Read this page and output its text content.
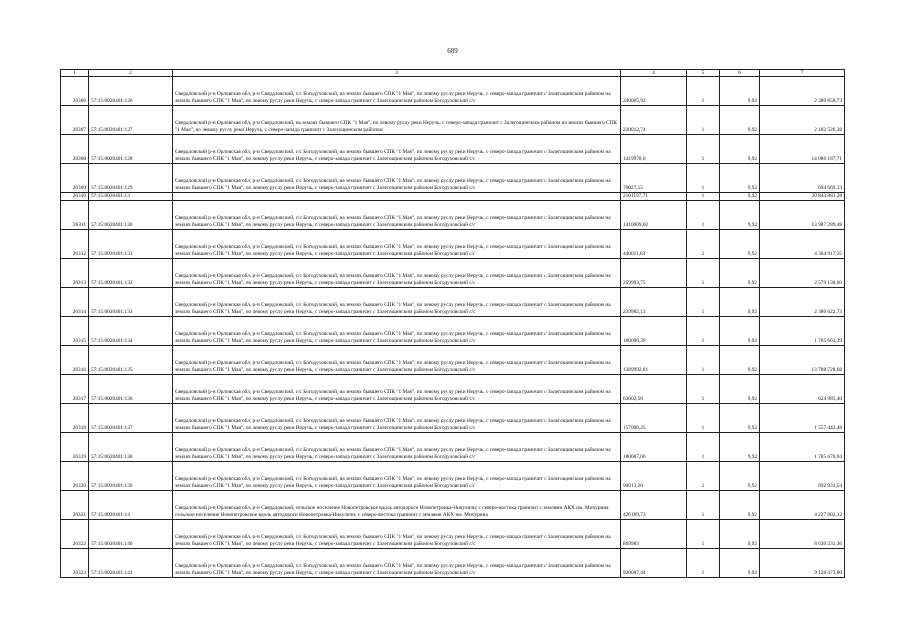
689
1	2	3	4	5	6	7
26306	57:15:0020401:126	Свердловский р-н Орловская обл, р-н Свердловский, с/с Богодуховский, на землях бывшего СПК "1 Мая", по левому руслу реки Неручь, с северо-запада граничит с Залегощинским районом на землях бывшего СПК "1 Мая", по левому руслу реки Неручь, с северо-запада граничит с Залегощинским районом Богодуховский с/с	240005,92	1	9,92	2 380 858,73
26307	57:15:0020401:127	Свердловский р-н Орловская обл, р-н Свердловский, на землях бывшего СПК "1 Мая", по левому руслу реки Неручь, с северо-запада граничит с Залегощинским районом на землях бывшего СПК "1 Мая", по левому руслу реки Неручь, с северо-запада граничит с Залегощинским районом	220012,74	1	9,92	2 182 526,38
26308	57:15:0020401:128	Свердловский р-н Орловская обл, р-н Свердловский, с/с Богодуховский, на землях бывшего СПК "1 Мая", по левому руслу реки Неручь, с северо-запада граничит с Залегощинским районом на землях бывшего СПК "1 Мая", по левому руслу реки Неручь, с северо-запада граничит с Залегощинским районом Богодуховский с/с	1419978,6	1	9,92	14 086 187,71
26309	57:15:0020401:129	Свердловский р-н Орловская обл, р-н Свердловский, с/с Богодуховский, на землях бывшего СПК "1 Мая", по левому руслу реки Неручь, с северо-запада граничит с Залегощинским районом на землях бывшего СПК "1 Мая", по левому руслу реки Неручь, с северо-запада граничит с Залегощинским районом Богодуховский с/с	70027,15	1	9,92	694 669,33
26310	57:15:0020401:13		2101197,71	1	9,92	20 843 881,28
26311	57:15:0020401:130	Свердловский р-н Орловская обл, р-н Свердловский, с/с Богодуховский, на землях бывшего СПК "1 Мая", по левому руслу реки Неручь, с северо-запада граничит с Залегощинским районом на землях бывшего СПК "1 Мая", по левому руслу реки Неручь, с северо-запада граничит с Залегощинским районом Богодуховский с/с	1410009,02	1	9,92	13 987 289,48
26312	57:15:0020401:131	Свердловский р-н Орловская обл, р-н Свердловский, с/с Богодуховский, на землях бывшего СПК "1 Мая", по левому руслу реки Неручь, с северо-запада граничит с Залегощинским районом на землях бывшего СПК "1 Мая", по левому руслу реки Неручь, с северо-запада граничит с Залегощинским районом Богодуховский с/с	440011,83	1	9,92	4 364 917,35
26313	57:15:0020401:132	Свердловский р-н Орловская обл, р-н Свердловский, с/с Богодуховский, на землях бывшего СПК "1 Мая", по левому руслу реки Неручь, с северо-запада граничит с Залегощинским районом на землях бывшего СПК "1 Мая", по левому руслу реки Неручь, с северо-запада граничит с Залегощинским районом Богодуховский с/с	259993,75	1	9,92	2 579 138,00
26314	57:15:0020401:133	Свердловский р-н Орловская обл, р-н Свердловский, с/с Богодуховский, на землях бывшего СПК "1 Мая", по левому руслу реки Неручь, с северо-запада граничит с Залегощинским районом на землях бывшего СПК "1 Мая", по левому руслу реки Неручь, с северо-запада граничит с Залегощинским районом Богодуховский с/с	239982,13	1	9,92	2 380 622,73
26315	57:15:0020401:134	Свердловский р-н Орловская обл, р-н Свердловский, с/с Богодуховский, на землях бывшего СПК "1 Мая", по левому руслу реки Неручь, с северо-запада граничит с Залегощинским районом на землях бывшего СПК "1 Мая", по левому руслу реки Неручь, с северо-запада граничит с Залегощинским районом Богодуховский с/с	180006,39	1	9,92	1 785 663,39
26316	57:15:0020401:135	Свердловский р-н Орловская обл, р-н Свердловский, с/с Богодуховский, на землях бывшего СПК "1 Мая", по левому руслу реки Неручь, с северо-запада граничит с Залегощинским районом на землях бывшего СПК "1 Мая", по левому руслу реки Неручь, с северо-запада граничит с Залегощинским районом Богодуховский с/с	1389992,81	1	9,92	13 788 728,68
26317	57:15:0020401:136	Свердловский р-н Орловская обл, р-н Свердловский, с/с Богодуховский, на землях бывшего СПК "1 Мая", по левому руслу реки Неручь, с северо-запада граничит с Залегощинским районом на землях бывшего СПК "1 Мая", по левому руслу реки Неручь, с северо-запада граничит с Залегощинским районом Богодуховский с/с	63002,56	1	9,92	624 985,40
26318	57:15:0020401:137	Свердловский р-н Орловская обл, р-н Свердловский, с/с Богодуховский, на землях бывшего СПК "1 Мая", по левому руслу реки Неручь, с северо-запада граничит с Залегощинским районом на землях бывшего СПК "1 Мая", по левому руслу реки Неручь, с северо-запада граничит с Залегощинским районом Богодуховский с/с	157000,25	1	9,92	1 557 442,48
26319	57:15:0020401:138	Свердловский р-н Орловская обл, р-н Свердловский, с/с Богодуховский, на землях бывшего СПК "1 Мая", по левому руслу реки Неручь, с северо-запада граничит с Залегощинским районом на землях бывшего СПК "1 Мая", по левому руслу реки Неручь, с северо-запада граничит с Залегощинским районом Богодуховский с/с	180007,06	1	9,92	1 785 670,04
26320	57:15:0020401:139	Свердловский р-н Орловская обл, р-н Свердловский, с/с Богодуховский, на землях бывшего СПК "1 Мая", по левому руслу реки Неручь, с северо-запада граничит с Залегощинским районом на землях бывшего СПК "1 Мая", по левому руслу реки Неручь, с северо-запада граничит с Залегощинским районом Богодуховский с/с	90013,26	1	9,92	892 931,54
26321	57:15:0020401:14	Свердловский р-н Орловская обл, р-н Свердловский, сельское поселение Новопетровское вдоль автодороги Новопетровка-Никуличи; с северо-востока граничит с землями АКХ им. Мичурина сельское поселение Новопетровское вдоль автодороги Новопетровка-Никуличи; с северо-востока граничит с землями АКХ им. Мичурина	426189,73	1	9,92	4 227 802,12
26322	57:15:0020401:140	Свердловский р-н Орловская обл, р-н Свердловский, с/с Богодуховский, на землях бывшего СПК "1 Мая", по левому руслу реки Неручь, с северо-запада граничит с Залегощинским районом на землях бывшего СПК "1 Мая", по левому руслу реки Неручь, с северо-запада граничит с Залегощинским районом Богодуховский с/с	869983	1	9,92	8 630 231,36
26323	57:15:0020401:141	Свердловский р-н Орловская обл, р-н Свердловский, с/с Богодуховский, на землях бывшего СПК "1 Мая", по левому руслу реки Неручь, с северо-запада граничит с Залегощинским районом на землях бывшего СПК "1 Мая", по левому руслу реки Неручь, с северо-запада граничит с Залегощинским районом Богодуховский с/с	920007,44	1	9,92	9 126 473,80
